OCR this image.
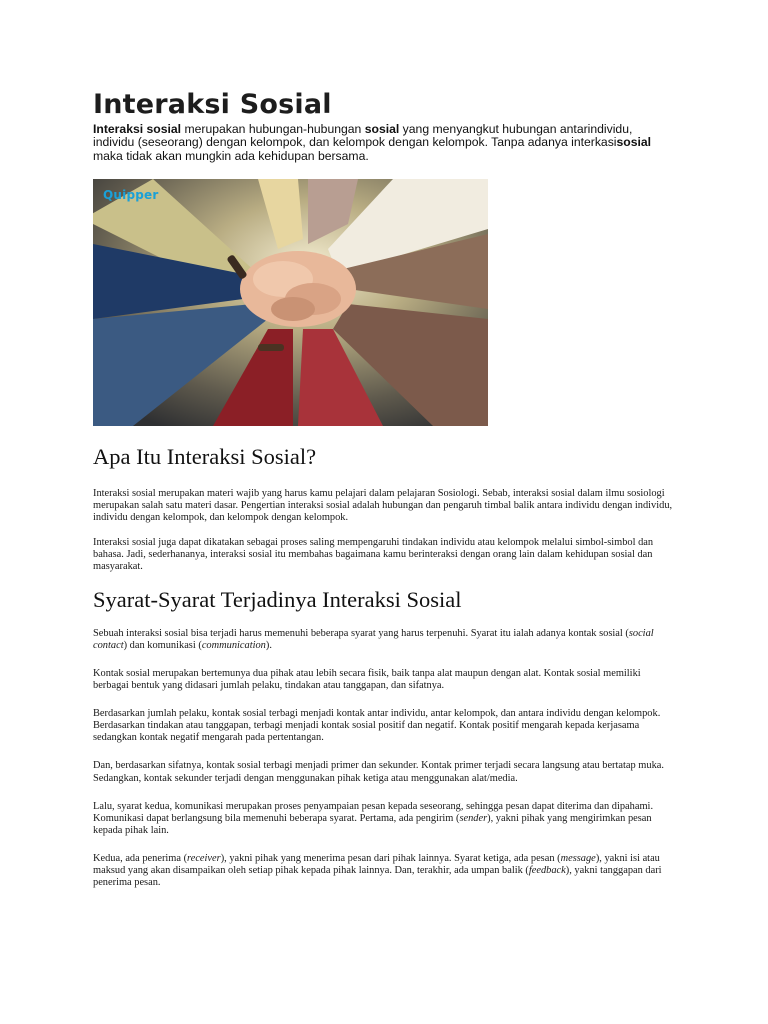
Interaksi Sosial

Interaksi sosial merupakan hubungan-hubungan sosial yang menyangkut hubungan antarindividu, individu (seseorang) dengan kelompok, dan kelompok dengan kelompok. Tanpa adanya interkasisosial maka tidak akan mungkin ada kehidupan bersama.

Quipper
Apa Itu Interaksi Sosial?

Interaksi sosial merupakan materi wajib yang harus kamu pelajari dalam pelajaran Sosiologi. Sebab, interaksi sosial dalam ilmu sosiologi merupakan salah satu materi dasar. Pengertian interaksi sosial adalah hubungan dan pengaruh timbal balik antara individu dengan individu, individu dengan kelompok, dan kelompok dengan kelompok.

Interaksi sosial juga dapat dikatakan sebagai proses saling mempengaruhi tindakan individu atau kelompok melalui simbol-simbol dan bahasa. Jadi, sederhananya, interaksi sosial itu membahas bagaimana kamu berinteraksi dengan orang lain dalam kehidupan sosial dan masyarakat.

Syarat-Syarat Terjadinya Interaksi Sosial

Sebuah interaksi sosial bisa terjadi harus memenuhi beberapa syarat yang harus terpenuhi. Syarat itu ialah adanya kontak sosial (social contact) dan komunikasi (communication).

Kontak sosial merupakan bertemunya dua pihak atau lebih secara fisik, baik tanpa alat maupun dengan alat. Kontak sosial memiliki berbagai bentuk yang didasari jumlah pelaku, tindakan atau tanggapan, dan sifatnya.

Berdasarkan jumlah pelaku, kontak sosial terbagi menjadi kontak antar individu, antar kelompok, dan antara individu dengan kelompok. Berdasarkan tindakan atau tanggapan, terbagi menjadi kontak sosial positif dan negatif. Kontak positif mengarah kepada kerjasama sedangkan kontak negatif mengarah pada pertentangan.

Dan, berdasarkan sifatnya, kontak sosial terbagi menjadi primer dan sekunder. Kontak primer terjadi secara langsung atau bertatap muka. Sedangkan, kontak sekunder terjadi dengan menggunakan pihak ketiga atau menggunakan alat/media.

Lalu, syarat kedua, komunikasi merupakan proses penyampaian pesan kepada seseorang, sehingga pesan dapat diterima dan dipahami. Komunikasi dapat berlangsung bila memenuhi beberapa syarat. Pertama, ada pengirim (sender), yakni pihak yang mengirimkan pesan kepada pihak lain.

Kedua, ada penerima (receiver), yakni pihak yang menerima pesan dari pihak lainnya. Syarat ketiga, ada pesan (message), yakni isi atau maksud yang akan disampaikan oleh setiap pihak kepada pihak lainnya. Dan, terakhir, ada umpan balik (feedback), yakni tanggapan dari penerima pesan.
